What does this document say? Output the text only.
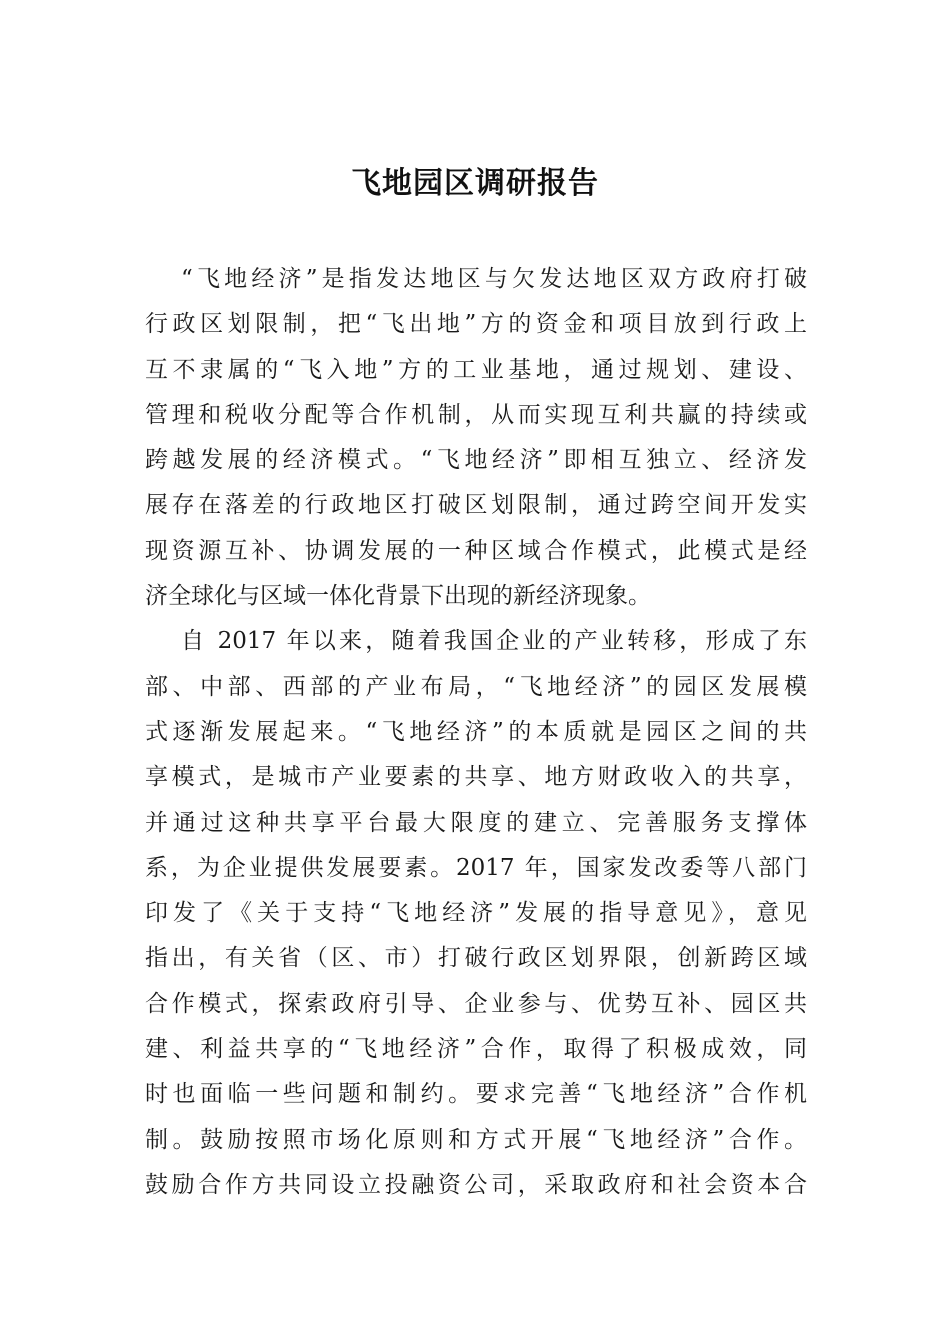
飞地园区调研报告
“飞地经济”是指发达地区与欠发达地区双方政府打破
行政区划限制，把“飞出地”方的资金和项目放到行政上
互不隶属的“飞入地”方的工业基地，通过规划、建设、
管理和税收分配等合作机制，从而实现互利共赢的持续或
跨越发展的经济模式。“飞地经济”即相互独立、经济发
展存在落差的行政地区打破区划限制，通过跨空间开发实
现资源互补、协调发展的一种区域合作模式，此模式是经
济全球化与区域一体化背景下出现的新经济现象。
自 2017 年以来，随着我国企业的产业转移，形成了东
部、中部、西部的产业布局，“飞地经济”的园区发展模
式逐渐发展起来。“飞地经济”的本质就是园区之间的共
享模式，是城市产业要素的共享、地方财政收入的共享，
并通过这种共享平台最大限度的建立、完善服务支撑体
系，为企业提供发展要素。2017 年，国家发改委等八部门
印发了《关于支持“飞地经济”发展的指导意见》，意见
指出，有关省（区、市）打破行政区划界限，创新跨区域
合作模式，探索政府引导、企业参与、优势互补、园区共
建、利益共享的“飞地经济”合作，取得了积极成效，同
时也面临一些问题和制约。要求完善“飞地经济”合作机
制。鼓励按照市场化原则和方式开展“飞地经济”合作。
鼓励合作方共同设立投融资公司，采取政府和社会资本合
